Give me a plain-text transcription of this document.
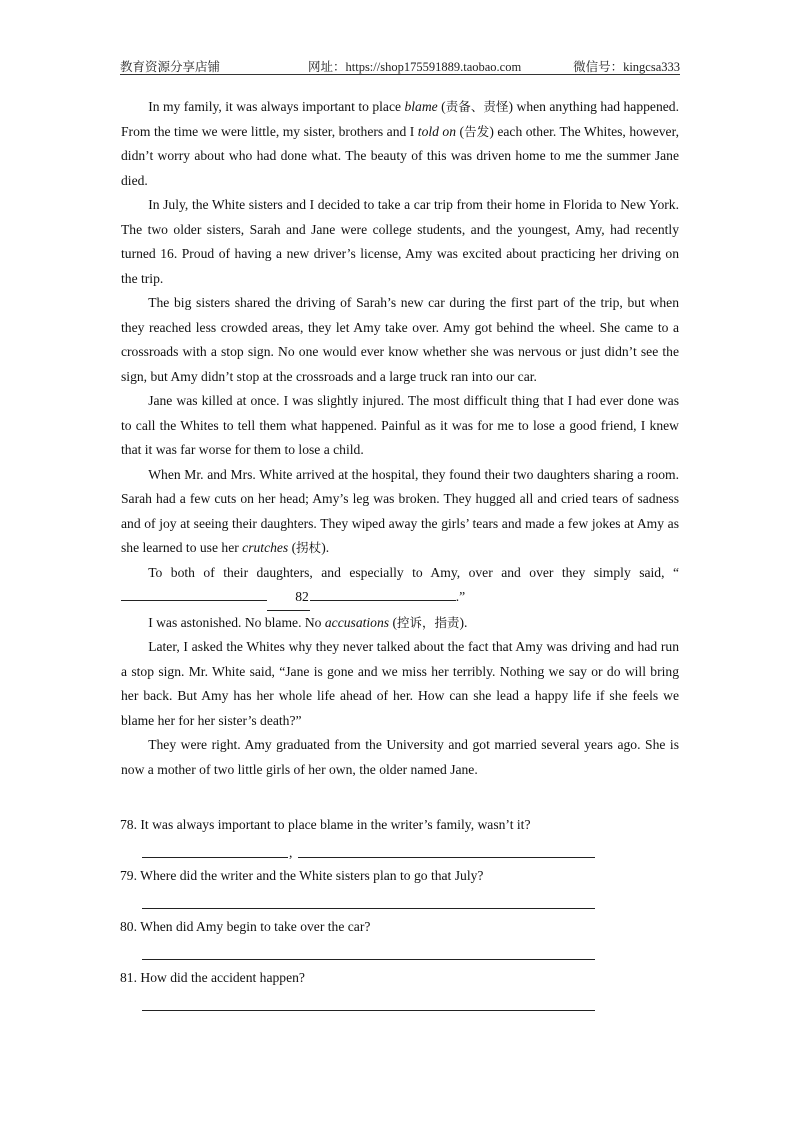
教育资源分享店铺	网址：https://shop175591889.taobao.com	微信号：kingcsa333

In my family, it was always important to place blame (责备、责怪) when anything had happened. From the time we were little, my sister, brothers and I told on (告发) each other. The Whites, however, didn’t worry about who had done what. The beauty of this was driven home to me the summer Jane died.

In July, the White sisters and I decided to take a car trip from their home in Florida to New York. The two older sisters, Sarah and Jane were college students, and the youngest, Amy, had recently turned 16. Proud of having a new driver’s license, Amy was excited about practicing her driving on the trip.

The big sisters shared the driving of Sarah’s new car during the first part of the trip, but when they reached less crowded areas, they let Amy take over. Amy got behind the wheel. She came to a crossroads with a stop sign. No one would ever know whether she was nervous or just didn’t see the sign, but Amy didn’t stop at the crossroads and a large truck ran into our car.

Jane was killed at once. I was slightly injured. The most difficult thing that I had ever done was to call the Whites to tell them what happened. Painful as it was for me to lose a good friend, I knew that it was far worse for them to lose a child.

When Mr. and Mrs. White arrived at the hospital, they found their two daughters sharing a room. Sarah had a few cuts on her head; Amy’s leg was broken. They hugged all and cried tears of sadness and of joy at seeing their daughters. They wiped away the girls’ tears and made a few jokes at Amy as she learned to use her crutches (拐杖).

To both of their daughters, and especially to Amy, over and over they simply said, “82	.”

I was astonished. No blame. No accusations (控诉，指责).

Later, I asked the Whites why they never talked about the fact that Amy was driving and had run a stop sign. Mr. White said, “Jane is gone and we miss her terribly. Nothing we say or do will bring her back. But Amy has her whole life ahead of her. How can she lead a happy life if she feels we blame her for her sister’s death?”

They were right. Amy graduated from the University and got married several years ago. She is now a mother of two little girls of her own, the older named Jane.

78. It was always important to place blame in the writer’s family, wasn’t it?
,
79. Where did the writer and the White sisters plan to go that July?
80. When did Amy begin to take over the car?
81. How did the accident happen?
